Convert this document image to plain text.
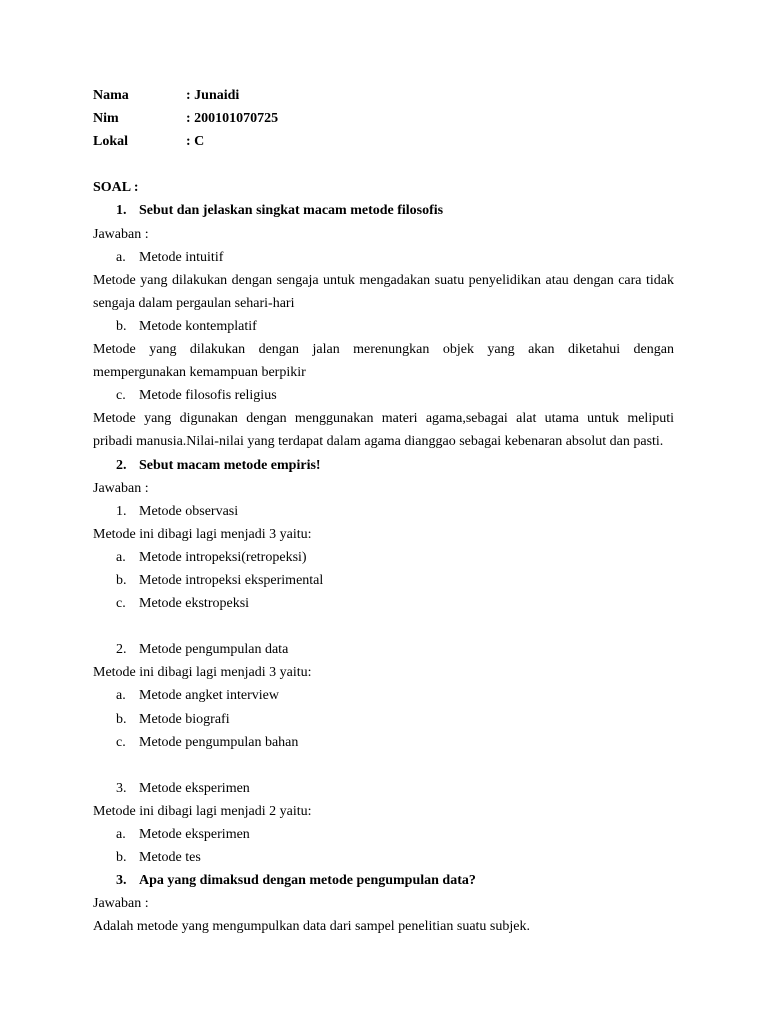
Nama	: Junaidi
Nim	: 200101070725
Lokal	: C
SOAL :
1. Sebut dan jelaskan singkat macam metode filosofis
Jawaban :
a. Metode intuitif
Metode yang dilakukan dengan sengaja untuk mengadakan suatu penyelidikan atau dengan cara tidak
sengaja dalam pergaulan sehari-hari
b. Metode kontemplatif
Metode yang dilakukan dengan jalan merenungkan objek yang akan diketahui dengan
mempergunakan kemampuan berpikir
c. Metode filosofis religius
Metode yang digunakan dengan menggunakan materi agama,sebagai alat utama untuk meliputi
pribadi manusia.Nilai-nilai yang terdapat dalam agama dianggao sebagai kebenaran absolut dan pasti.
2. Sebut macam metode empiris!
Jawaban :
1. Metode observasi
Metode ini dibagi lagi menjadi 3 yaitu:
a. Metode intropeksi(retropeksi)
b. Metode intropeksi eksperimental
c. Metode ekstropeksi
2. Metode pengumpulan data
Metode ini dibagi lagi menjadi 3 yaitu:
a. Metode angket interview
b. Metode biografi
c. Metode pengumpulan bahan
3. Metode eksperimen
Metode ini dibagi lagi menjadi 2 yaitu:
a. Metode eksperimen
b. Metode tes
3. Apa yang dimaksud dengan metode pengumpulan data?
Jawaban :
Adalah metode yang mengumpulkan data dari sampel penelitian suatu subjek.
